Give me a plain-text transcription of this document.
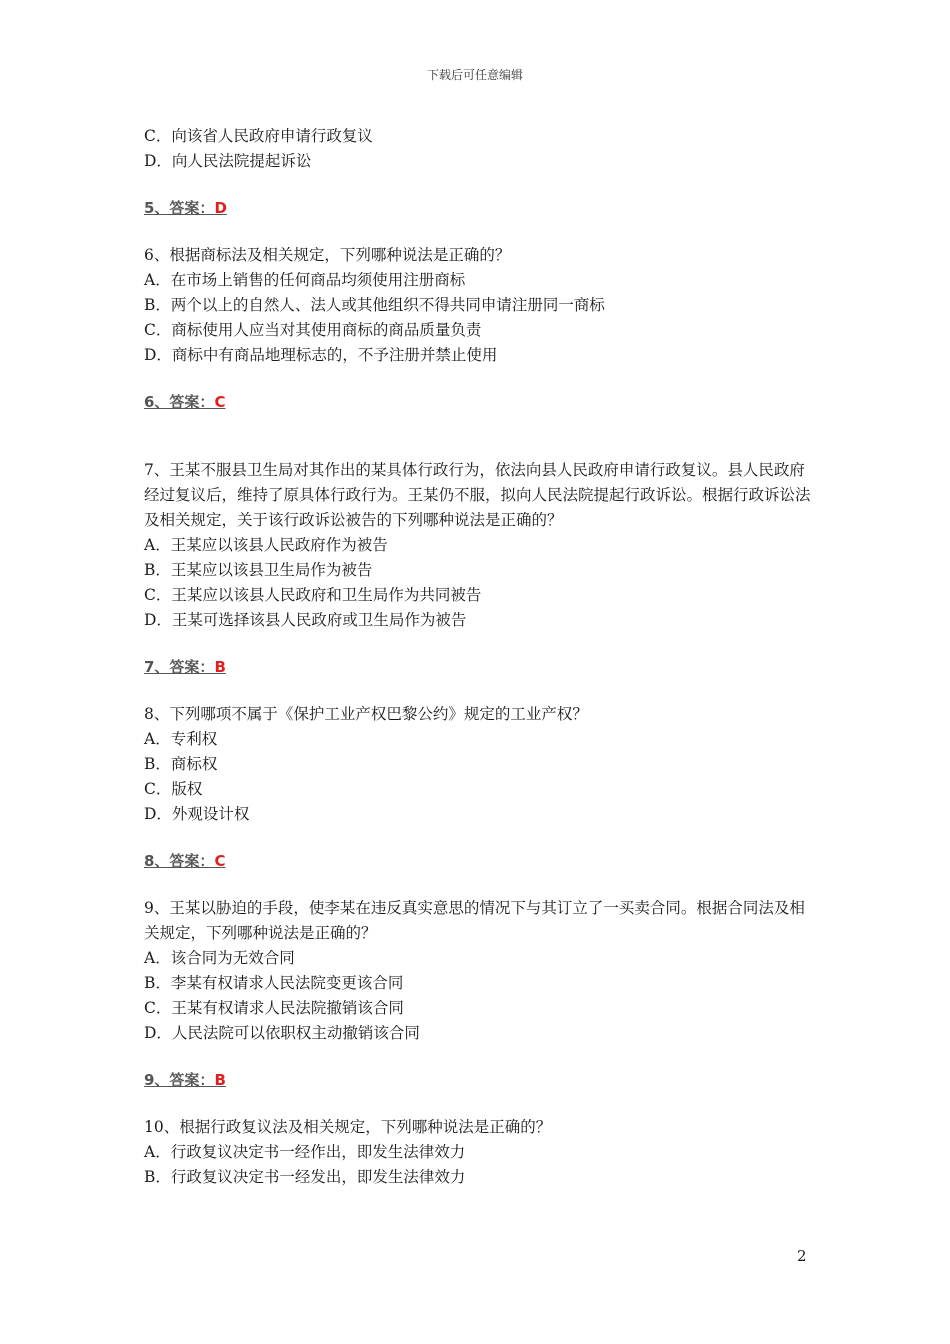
下载后可任意编辑
C．向该省人民政府申请行政复议
D．向人民法院提起诉讼
5、答案：D
6、根据商标法及相关规定，下列哪种说法是正确的？
A．在市场上销售的任何商品均须使用注册商标
B．两个以上的自然人、法人或其他组织不得共同申请注册同一商标
C．商标使用人应当对其使用商标的商品质量负责
D．商标中有商品地理标志的，不予注册并禁止使用
6、答案：C
7、王某不服县卫生局对其作出的某具体行政行为，依法向县人民政府申请行政复议。县人民政府经过复议后，维持了原具体行政行为。王某仍不服，拟向人民法院提起行政诉讼。根据行政诉讼法及相关规定，关于该行政诉讼被告的下列哪种说法是正确的？
A．王某应以该县人民政府作为被告
B．王某应以该县卫生局作为被告
C．王某应以该县人民政府和卫生局作为共同被告
D．王某可选择该县人民政府或卫生局作为被告
7、答案：B
8、下列哪项不属于《保护工业产权巴黎公约》规定的工业产权？
A．专利权
B．商标权
C．版权
D．外观设计权
8、答案：C
9、王某以胁迫的手段，使李某在违反真实意思的情况下与其订立了一买卖合同。根据合同法及相关规定，下列哪种说法是正确的？
A．该合同为无效合同
B．李某有权请求人民法院变更该合同
C．王某有权请求人民法院撤销该合同
D．人民法院可以依职权主动撤销该合同
9、答案：B
10、根据行政复议法及相关规定，下列哪种说法是正确的？
A．行政复议决定书一经作出，即发生法律效力
B．行政复议决定书一经发出，即发生法律效力
2
